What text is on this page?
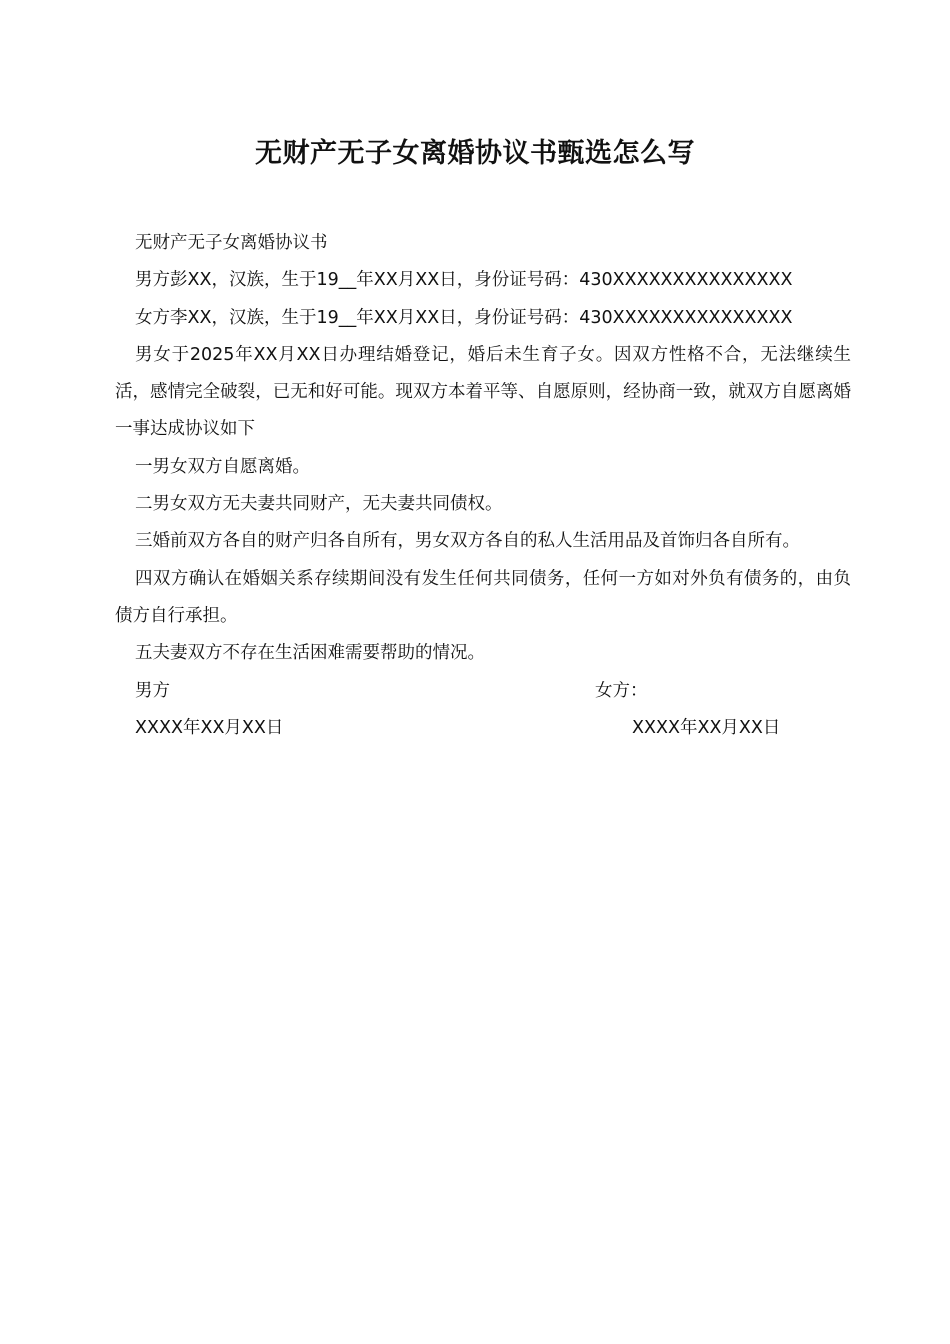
无财产无子女离婚协议书甄选怎么写

无财产无子女离婚协议书

男方彭XX，汉族，生于19__年XX月XX日，身份证号码：430XXXXXXXXXXXXXXX

女方李XX，汉族，生于19__年XX月XX日，身份证号码：430XXXXXXXXXXXXXXX

男女于2025年XX月XX日办理结婚登记，婚后未生育子女。因双方性格不合，无法继续生活，感情完全破裂，已无和好可能。现双方本着平等、自愿原则，经协商一致，就双方自愿离婚一事达成协议如下

一男女双方自愿离婚。

二男女双方无夫妻共同财产，无夫妻共同债权。

三婚前双方各自的财产归各自所有，男女双方各自的私人生活用品及首饰归各自所有。

四双方确认在婚姻关系存续期间没有发生任何共同债务，任何一方如对外负有债务的，由负债方自行承担。

五夫妻双方不存在生活困难需要帮助的情况。

男方	女方：
XXXX年XX月XX日	XXXX年XX月XX日
